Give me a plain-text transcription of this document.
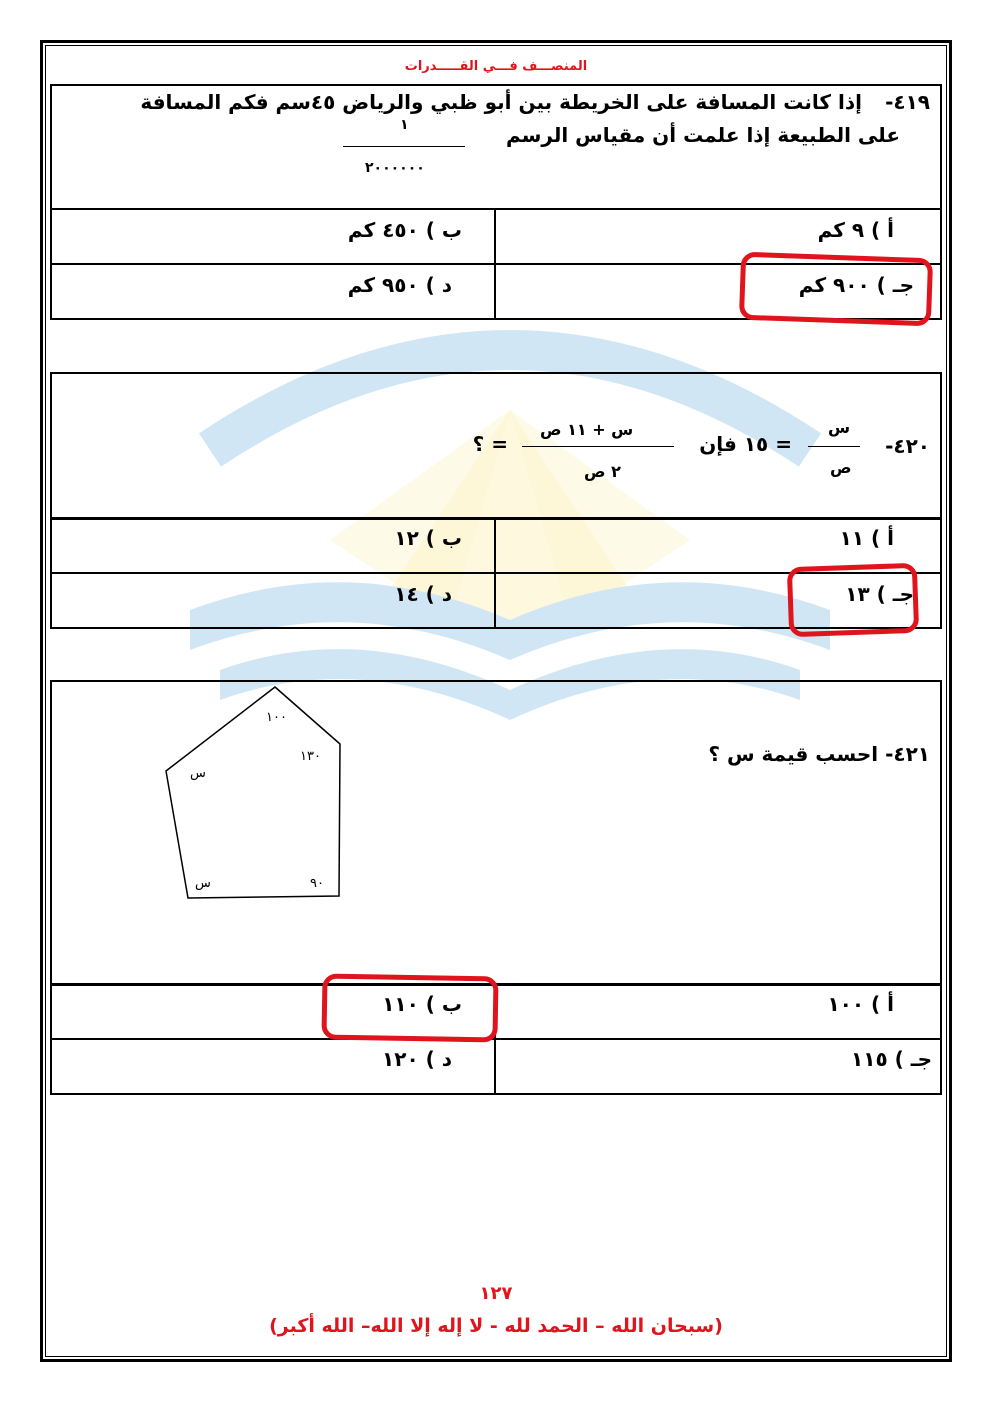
المنصـــف فـــي القـــــدرات
٤١٩-
إذا كانت المسافة على الخريطة بين أبو ظبي والرياض ٤٥سم فكم المسافة
على الطبيعة إذا علمت أن مقياس الرسم
١
٢٠٠٠٠٠٠
أ ) ٩ كم
ب ) ٤٥٠ كم
جـ ) ٩٠٠ كم
د ) ٩٥٠ كم
٤٢٠-
س
ص
= ١٥ فإن
س + ١١ ص
٢ ص
= ؟
أ ) ١١
ب ) ١٢
جـ ) ١٣
د ) ١٤
٤٢١- احسب قيمة س ؟
١٠٠
١٣٠
س
س	٩٠
أ ) ١٠٠
ب ) ١١٠
جـ ) ١١٥
د ) ١٢٠
١٢٧
(سبحان الله – الحمد لله - لا إله إلا الله– الله أكبر)
